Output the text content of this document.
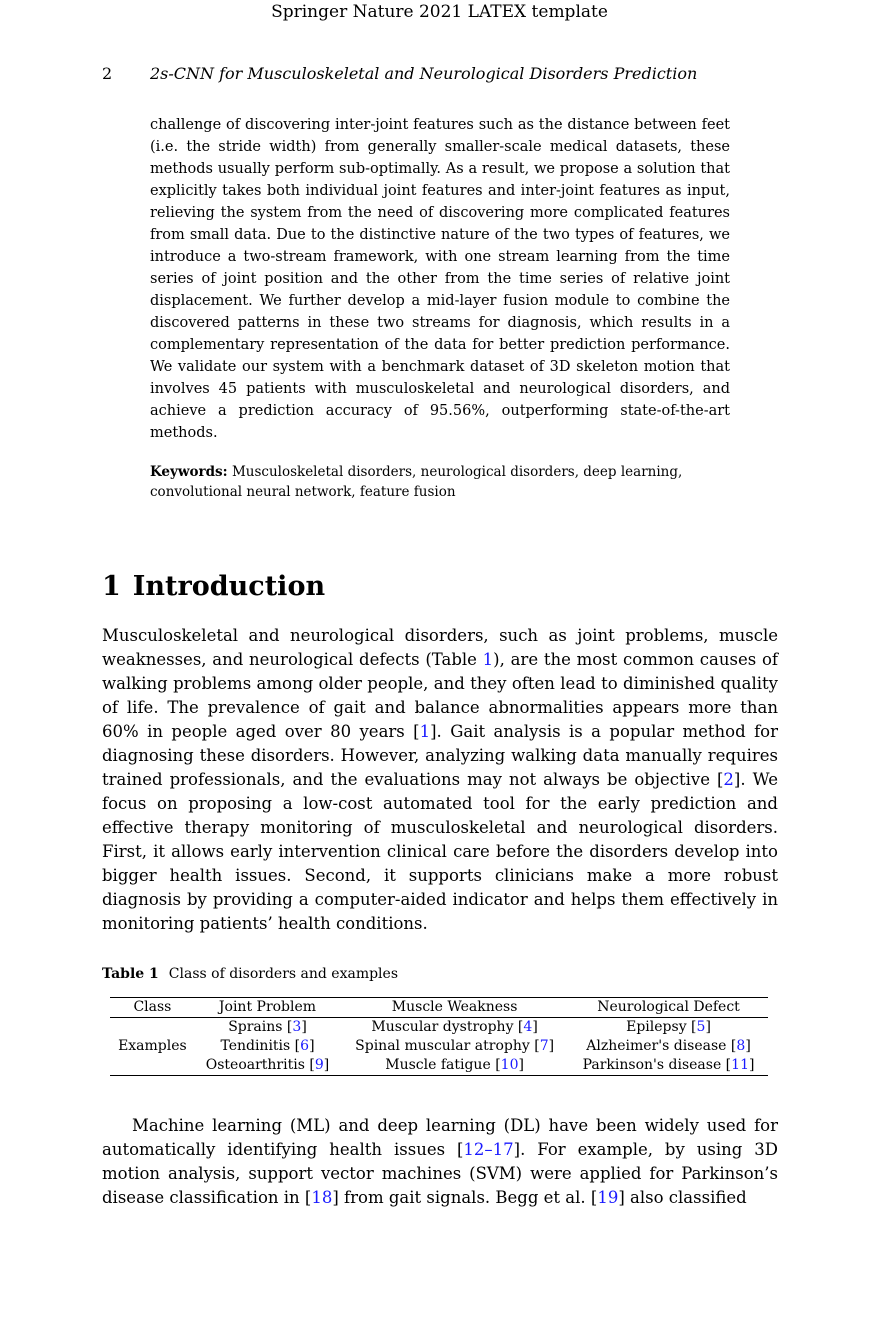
Springer Nature 2021 LATEX template
2 2s-CNN for Musculoskeletal and Neurological Disorders Prediction
challenge of discovering inter-joint features such as the distance between feet (i.e. the stride width) from generally smaller-scale medical datasets, these methods usually perform sub-optimally. As a result, we propose a solution that explicitly takes both individual joint features and inter-joint features as input, relieving the system from the need of discovering more complicated features from small data. Due to the distinctive nature of the two types of features, we introduce a two-stream framework, with one stream learning from the time series of joint position and the other from the time series of relative joint displacement. We further develop a mid-layer fusion module to combine the discovered patterns in these two streams for diagnosis, which results in a complementary representation of the data for better prediction performance. We validate our system with a benchmark dataset of 3D skeleton motion that involves 45 patients with musculoskeletal and neurological disorders, and achieve a prediction accuracy of 95.56%, outperforming state-of-the-art methods.
Keywords: Musculoskeletal disorders, neurological disorders, deep learning, convolutional neural network, feature fusion
1 Introduction
Musculoskeletal and neurological disorders, such as joint problems, muscle weaknesses, and neurological defects (Table 1), are the most common causes of walking problems among older people, and they often lead to diminished quality of life. The prevalence of gait and balance abnormalities appears more than 60% in people aged over 80 years [1]. Gait analysis is a popular method for diagnosing these disorders. However, analyzing walking data manually requires trained professionals, and the evaluations may not always be objective [2]. We focus on proposing a low-cost automated tool for the early prediction and effective therapy monitoring of musculoskeletal and neurological disorders. First, it allows early intervention clinical care before the disorders develop into bigger health issues. Second, it supports clinicians make a more robust diagnosis by providing a computer-aided indicator and helps them effectively in monitoring patients’ health conditions.
Table 1 Class of disorders and examples
Class	Joint Problem	Muscle Weakness	Neurological Defect
	Sprains [3]	Muscular dystrophy [4]	Epilepsy [5]
Examples	Tendinitis [6]	Spinal muscular atrophy [7]	Alzheimer's disease [8]
	Osteoarthritis [9]	Muscle fatigue [10]	Parkinson's disease [11]
Machine learning (ML) and deep learning (DL) have been widely used for automatically identifying health issues [12–17]. For example, by using 3D motion analysis, support vector machines (SVM) were applied for Parkinson’s disease classification in [18] from gait signals. Begg et al. [19] also classified
